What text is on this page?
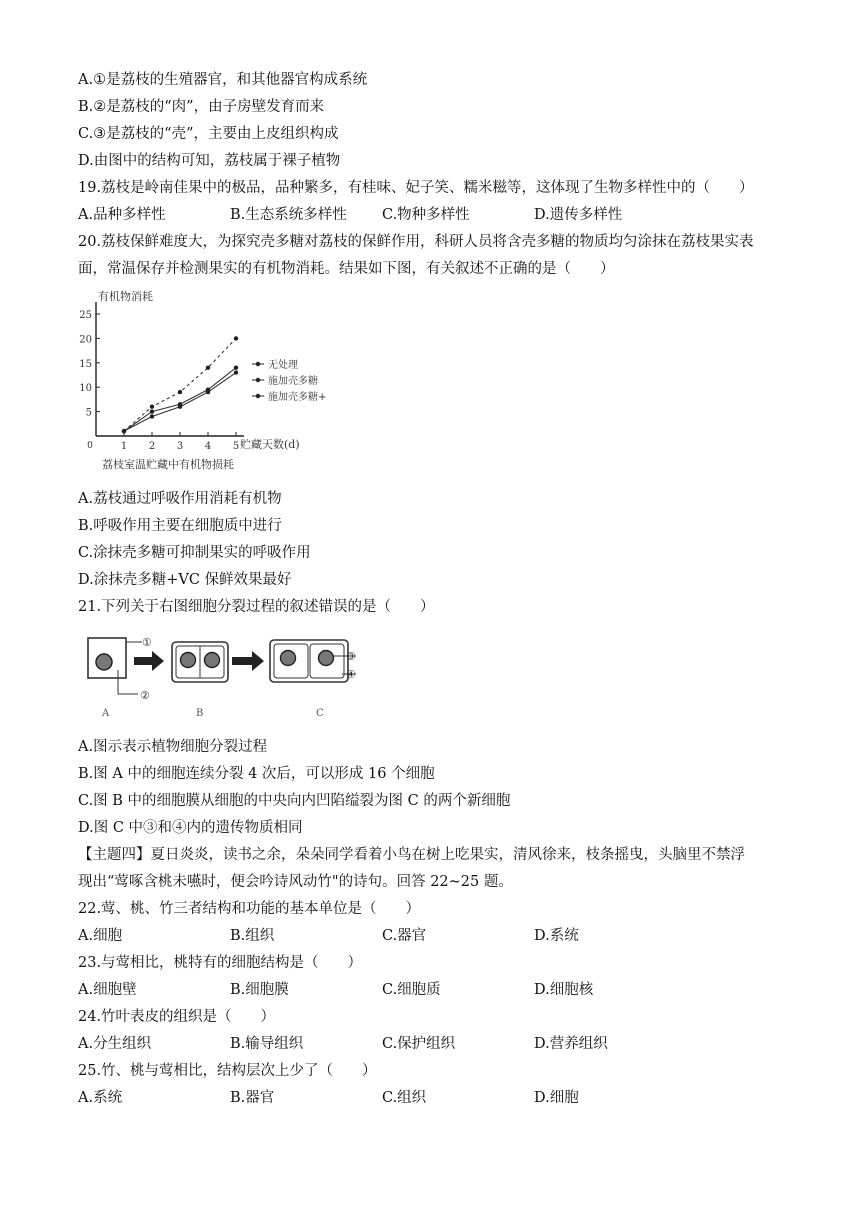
A.①是荔枝的生殖器官，和其他器官构成系统
B.②是荔枝的“肉”，由子房壁发育而来
C.③是荔枝的“壳”，主要由上皮组织构成
D.由图中的结构可知，荔枝属于裸子植物
19.荔枝是岭南佳果中的极品，品种繁多，有桂味、妃子笑、糯米糍等，这体现了生物多样性中的（　　）
A.品种多样性	B.生态系统多样性 C.物种多样性	D.遗传多样性
20.荔枝保鲜难度大，为探究壳多糖对荔枝的保鲜作用，科研人员将含壳多糖的物质均匀涂抹在荔枝果实表
面，常温保存并检测果实的有机物消耗。结果如下图，有关叙述不正确的是（　　）
5
10
15
20
25
1 2 3 4 5
0
有机物消耗
贮藏天数(d)
荔枝室温贮藏中有机物损耗
无处理
施加壳多糖
施加壳多糖+
A.荔枝通过呼吸作用消耗有机物
B.呼吸作用主要在细胞质中进行
C.涂抹壳多糖可抑制果实的呼吸作用
D.涂抹壳多糖+VC 保鲜效果最好
21.下列关于右图细胞分裂过程的叙述错误的是（　　）
①
②
③
④
A	B	C
A.图示表示植物细胞分裂过程
B.图 A 中的细胞连续分裂 4 次后，可以形成 16 个细胞
C.图 B 中的细胞膜从细胞的中央向内凹陷缢裂为图 C 的两个新细胞
D.图 C 中③和④内的遗传物质相同
【主题四】夏日炎炎，读书之余，朵朵同学看着小鸟在树上吃果实，清风徐来，枝条摇曳，头脑里不禁浮
现出“莺啄含桃未嚥时，便会吟诗风动竹"的诗句。回答 22~25 题。
22.莺、桃、竹三者结构和功能的基本单位是（　　）
A.细胞	B.组织	C.器官	D.系统
23.与莺相比，桃特有的细胞结构是（　　）
A.细胞壁	B.细胞膜	C.细胞质	D.细胞核
24.竹叶表皮的组织是（　　）
A.分生组织	B.输导组织	C.保护组织	D.营养组织
25.竹、桃与莺相比，结构层次上少了（　　）
A.系统	B.器官	C.组织	D.细胞
